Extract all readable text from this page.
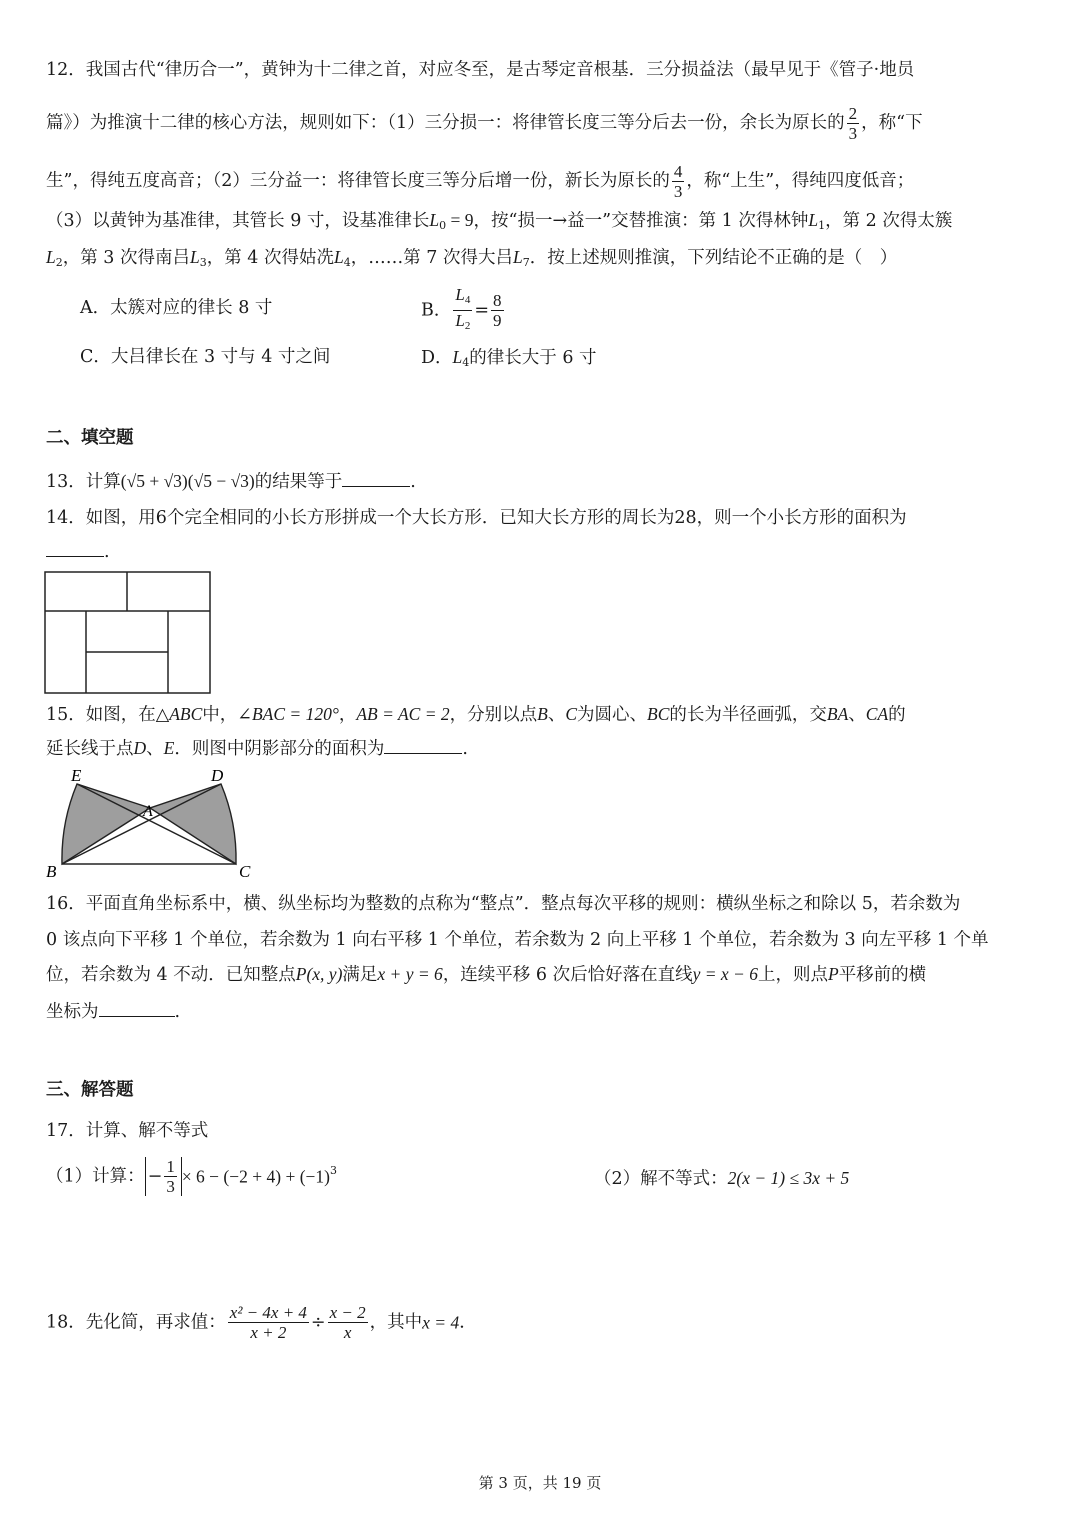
12．我国古代“律历合一”，黄钟为十二律之首，对应冬至，是古琴定音根基．三分损益法（最早见于《管子·地员
篇》）为推演十二律的核心方法，规则如下：（1）三分损一：将律管长度三等分后去一份，余长为原长的 $\frac{2}{3}$ ，称“下
生”，得纯五度高音；（2）三分益一：将律管长度三等分后增一份，新长为原长的 $\frac{4}{3}$ ，称“上生”，得纯四度低音；
（3）以黄钟为基准律，其管长 9 寸，设基准律长$L_0 = 9$，按“损一→益一”交替推演：第 1 次得林钟$L_1$，第 2 次得太簇
$L_2$，第 3 次得南吕$L_3$，第 4 次得姑冼$L_4$，……第 7 次得大吕$L_7$．按上述规则推演，下列结论不正确的是（　）
A．太簇对应的律长 8 寸	B． $\frac{L_4}{L_2} = \frac{8}{9}$
C．大吕律长在 3 寸与 4 寸之间	D．$L_4$的律长大于 6 寸
二、填空题
13．计算(√5 + √3)(√5 − √3)的结果等于	.
14．如图，用6个完全相同的小长方形拼成一个大长方形．已知大长方形的周长为28，则一个小长方形的面积为
.
15．如图，在△ABC中，∠BAC = 120°，AB = AC = 2，分别以点B、C为圆心、BC的长为半径画弧，交BA、CA的
延长线于点D、E．则图中阴影部分的面积为	.
E	D
A
B	C
16．平面直角坐标系中，横、纵坐标均为整数的点称为“整点”．整点每次平移的规则：横纵坐标之和除以 5，若余数为
0 该点向下平移 1 个单位，若余数为 1 向右平移 1 个单位，若余数为 2 向上平移 1 个单位，若余数为 3 向左平移 1 个单
位，若余数为 4 不动．已知整点P(x, y)满足x + y = 6，连续平移 6 次后恰好落在直线y = x − 6上，则点P平移前的横
坐标为	.
三、解答题
17．计算、解不等式
（1）计算： − $\frac{1}{3} \times 6 - (-2 + 4) + (-1)^3$	（2）解不等式：2(x − 1) ≤ 3x + 5
18．先化简，再求值： $\frac{\text{x² − 4x + 4}}{x + 2} \div \frac{x - 2}{x}$ ，其中x = 4．
第 3 页，共 19 页
